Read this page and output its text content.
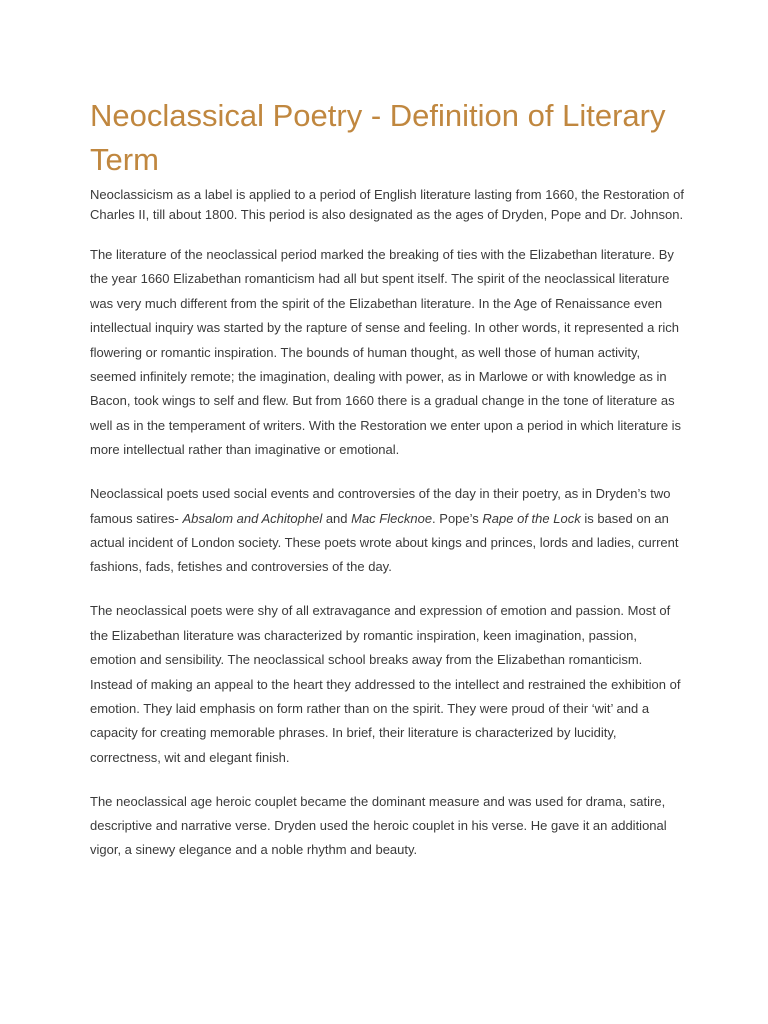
Neoclassical Poetry - Definition of Literary Term

Neoclassicism as a label is applied to a period of English literature lasting from 1660, the Restoration of Charles II, till about 1800. This period is also designated as the ages of Dryden, Pope and Dr. Johnson.

The literature of the neoclassical period marked the breaking of ties with the Elizabethan literature. By the year 1660 Elizabethan romanticism had all but spent itself. The spirit of the neoclassical literature was very much different from the spirit of the Elizabethan literature. In the Age of Renaissance even intellectual inquiry was started by the rapture of sense and feeling. In other words, it represented a rich flowering or romantic inspiration. The bounds of human thought, as well those of human activity, seemed infinitely remote; the imagination, dealing with power, as in Marlowe or with knowledge as in Bacon, took wings to self and flew. But from 1660 there is a gradual change in the tone of literature as well as in the temperament of writers. With the Restoration we enter upon a period in which literature is more intellectual rather than imaginative or emotional.

Neoclassical poets used social events and controversies of the day in their poetry, as in Dryden’s two famous satires- Absalom and Achitophel and Mac Flecknoe. Pope’s Rape of the Lock is based on an actual incident of London society. These poets wrote about kings and princes, lords and ladies, current fashions, fads, fetishes and controversies of the day.

The neoclassical poets were shy of all extravagance and expression of emotion and passion. Most of the Elizabethan literature was characterized by romantic inspiration, keen imagination, passion, emotion and sensibility. The neoclassical school breaks away from the Elizabethan romanticism. Instead of making an appeal to the heart they addressed to the intellect and restrained the exhibition of emotion. They laid emphasis on form rather than on the spirit. They were proud of their ‘wit’ and a capacity for creating memorable phrases. In brief, their literature is characterized by lucidity, correctness, wit and elegant finish.

The neoclassical age heroic couplet became the dominant measure and was used for drama, satire, descriptive and narrative verse. Dryden used the heroic couplet in his verse. He gave it an additional vigor, a sinewy elegance and a noble rhythm and beauty.
